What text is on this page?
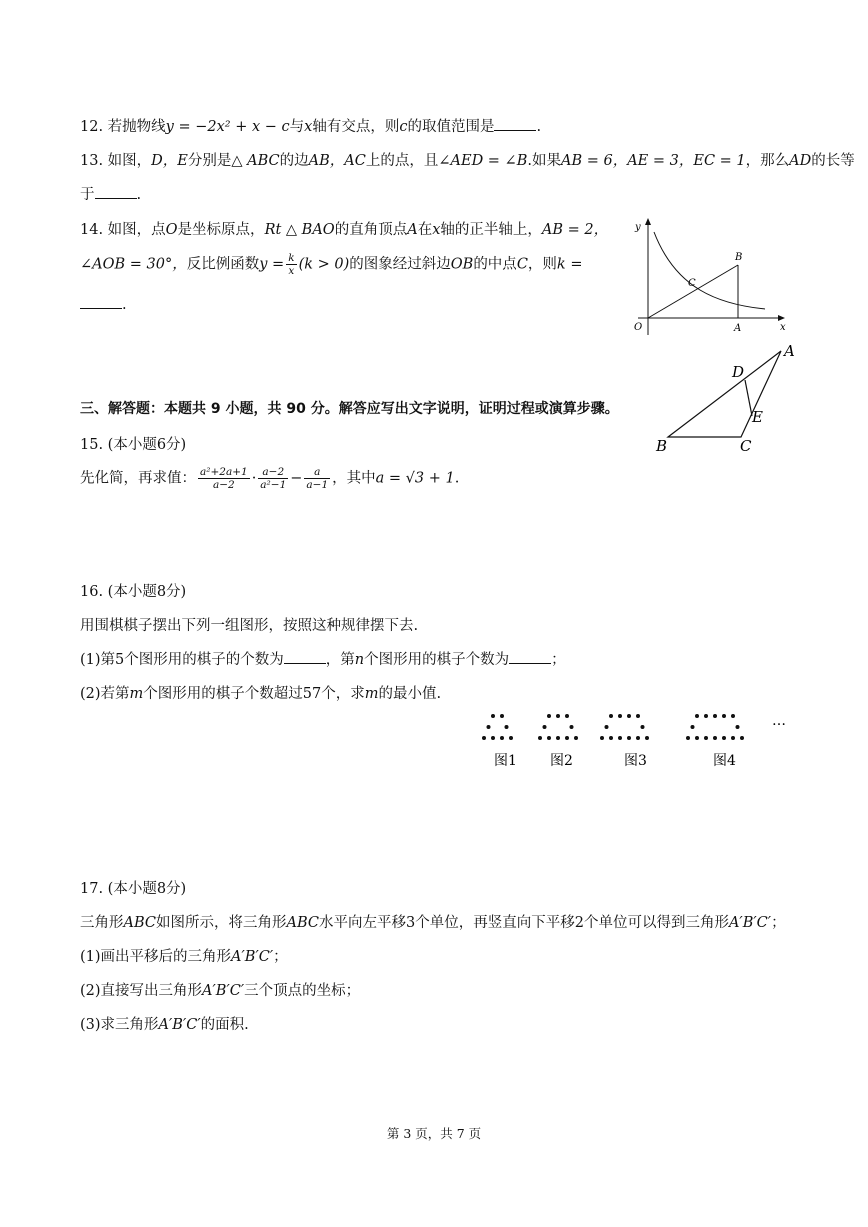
12. 若抛物线y = −2x² + x − c与x轴有交点，则c的取值范围是	.
13. 如图，D，E分别是△ ABC的边AB，AC上的点，且∠AED = ∠B.如果AB = 6，AE = 3，EC = 1，那么AD的长等
于	.
14. 如图，点O是坐标原点，Rt △ BAO的直角顶点A在x轴的正半轴上，AB = 2，
∠AOB = 30°，反比例函数$y = \frac{k}{x} (k > 0)$的图象经过斜边OB的中点C，则k =
.
y
x
O	A
B
C
A
B	C
D
E
三、解答题：本题共 9 小题，共 90 分。解答应写出文字说明，证明过程或演算步骤。
15. (本小题6分)
先化简，再求值： $\frac{\text{a²+2a+1}}{a-2} \cdot \frac{a-2}{\text{a²−1}} - \frac{a}{a-1}$ ，其中a = √3 + 1.
16. (本小题8分)
用围棋棋子摆出下列一组图形，按照这种规律摆下去.
(1)第5个图形用的棋子的个数为	，第n个图形用的棋子个数为	；
(2)若第m个图形用的棋子个数超过57个，求m的最小值.
…
图1 图2	图3	图4
17. (本小题8分)
三角形ABC如图所示，将三角形ABC水平向左平移3个单位，再竖直向下平移2个单位可以得到三角形A′B′C′；
(1)画出平移后的三角形A′B′C′；
(2)直接写出三角形A′B′C′三个顶点的坐标；
(3)求三角形A′B′C′的面积.
第 3 页，共 7 页
